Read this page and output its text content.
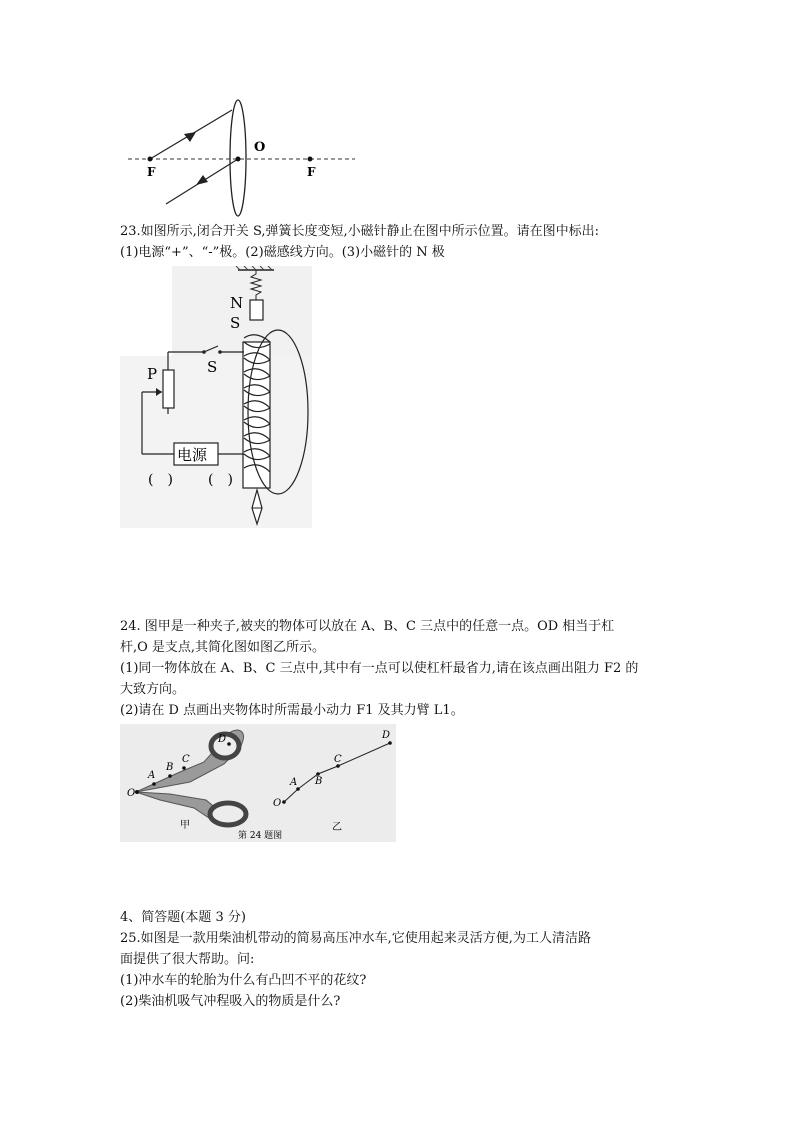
F
O
F
23.如图所示,闭合开关 S,弹簧长度变短,小磁针静止在图中所示位置。请在图中标出:
(1)电源“+”、“-”极。(2)磁感线方向。(3)小磁针的 N 极
N
S
S
P
电源
(　)	(　)
24. 图甲是一种夹子,被夹的物体可以放在 A、B、C 三点中的任意一点。OD 相当于杠
杆,O 是支点,其简化图如图乙所示。
(1)同一物体放在 A、B、C 三点中,其中有一点可以使杠杆最省力,请在该点画出阻力 F2 的
大致方向。
(2)请在 D 点画出夹物体时所需最小动力 F1 及其力臂 L1。
O
A
B
C
D
甲
O
A B
C
D
乙
第 24 题图
4、简答题(本题 3 分)
25.如图是一款用柴油机带动的简易高压冲水车,它使用起来灵活方便,为工人清洁路
面提供了很大帮助。问:
(1)冲水车的轮胎为什么有凸凹不平的花纹?
(2)柴油机吸气冲程吸入的物质是什么?
